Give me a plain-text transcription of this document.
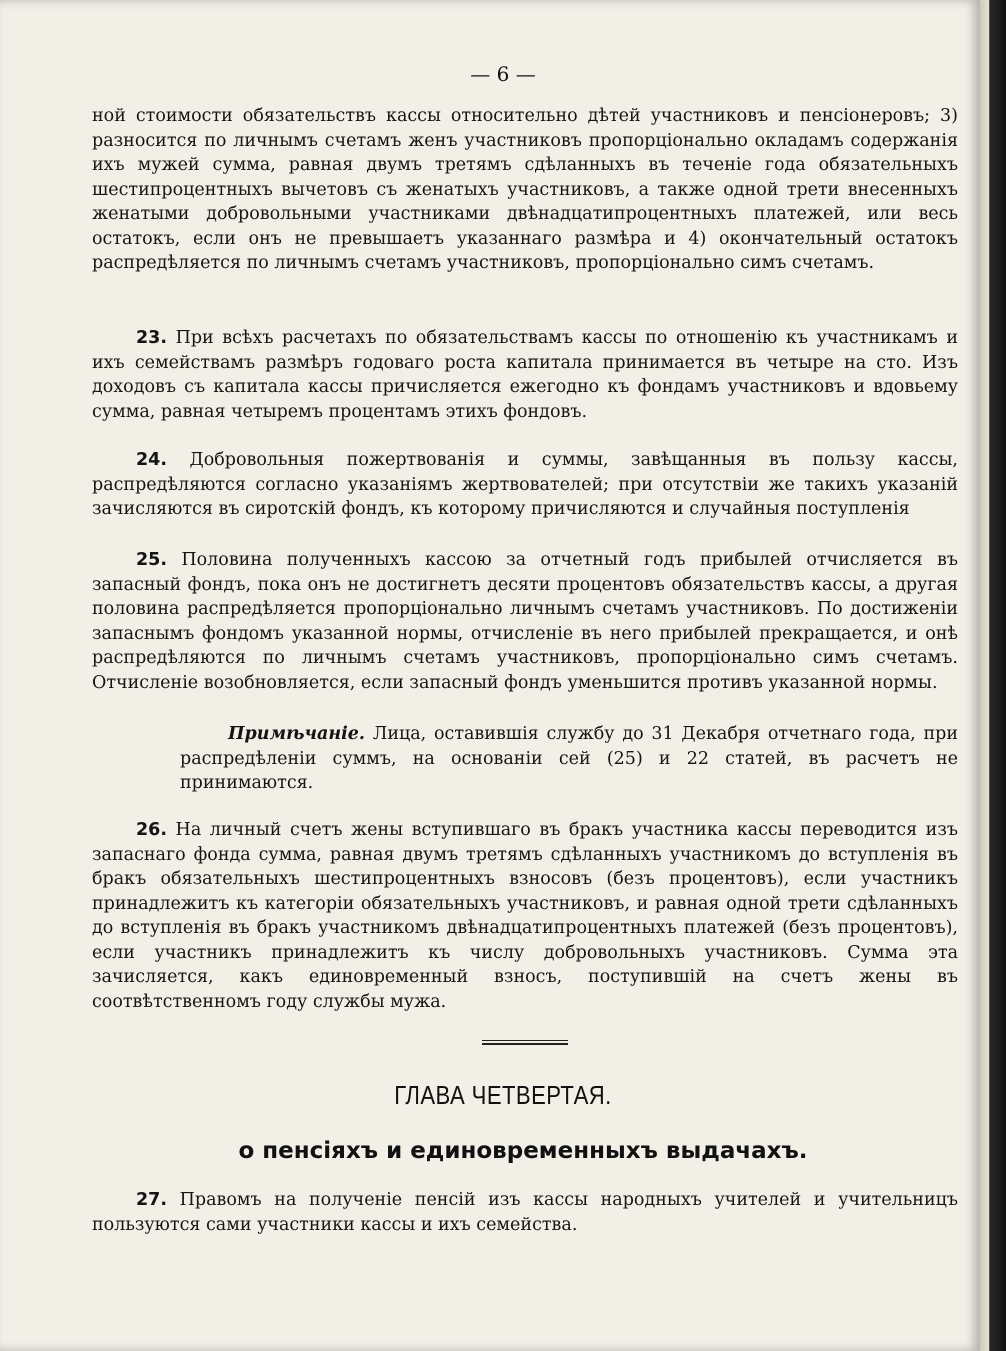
— 6 —

ной стоимости обязательствъ кассы относительно дѣтей участниковъ и пенсіонеровъ; 3) разносится по личнымъ счетамъ женъ участниковъ пропорціонально окладамъ содержанія ихъ мужей сумма, равная двумъ третямъ сдѣланныхъ въ теченіе года обязательныхъ шестипроцентныхъ вычетовъ съ женатыхъ участниковъ, а также одной трети внесенныхъ женатыми добровольными участниками двѣнадцатипроцентныхъ платежей, или весь остатокъ, если онъ не превышаетъ указаннаго размѣра и 4) окончательный остатокъ распредѣляется по личнымъ счетамъ участниковъ, пропорціонально симъ счетамъ.

23. При всѣхъ расчетахъ по обязательствамъ кассы по отношенію къ участникамъ и ихъ семействамъ размѣръ годоваго роста капитала принимается въ четыре на сто. Изъ доходовъ съ капитала кассы причисляется ежегодно къ фондамъ участниковъ и вдовьему сумма, равная четыремъ процентамъ этихъ фондовъ.

24. Добровольныя пожертвованія и суммы, завѣщанныя въ пользу кассы, распредѣляются согласно указаніямъ жертвователей; при отсутствіи же такихъ указаній зачисляются въ сиротскій фондъ, къ которому причисляются и случайныя поступленія

25. Половина полученныхъ кассою за отчетный годъ прибылей отчисляется въ запасный фондъ, пока онъ не достигнетъ десяти процентовъ обязательствъ кассы, а другая половина распредѣляется пропорціонально личнымъ счетамъ участниковъ. По достиженіи запаснымъ фондомъ указанной нормы, отчисленіе въ него прибылей прекращается, и онѣ распредѣляются по личнымъ счетамъ участниковъ, пропорціонально симъ счетамъ. Отчисленіе возобновляется, если запасный фондъ уменьшится противъ указанной нормы.

Примѣчаніе. Лица, оставившія службу до 31 Декабря отчетнаго года, при распредѣленіи суммъ, на основаніи сей (25) и 22 статей, въ расчетъ не принимаются.

26. На личный счетъ жены вступившаго въ бракъ участника кассы переводится изъ запаснаго фонда сумма, равная двумъ третямъ сдѣланныхъ участникомъ до вступленія въ бракъ обязательныхъ шестипроцентныхъ взносовъ (безъ процентовъ), если участникъ принадлежитъ къ категоріи обязательныхъ участниковъ, и равная одной трети сдѣланныхъ до вступленія въ бракъ участникомъ двѣнадцатипроцентныхъ платежей (безъ процентовъ), если участникъ принадлежитъ къ числу добровольныхъ участниковъ. Сумма эта зачисляется, какъ единовременный взносъ, поступившій на счетъ жены въ соотвѣтственномъ году службы мужа.

ГЛАВА ЧЕТВЕРТАЯ.
о пенсіяхъ и единовременныхъ выдачахъ.

27. Правомъ на полученіе пенсій изъ кассы народныхъ учителей и учительницъ пользуются сами участники кассы и ихъ семейства.
